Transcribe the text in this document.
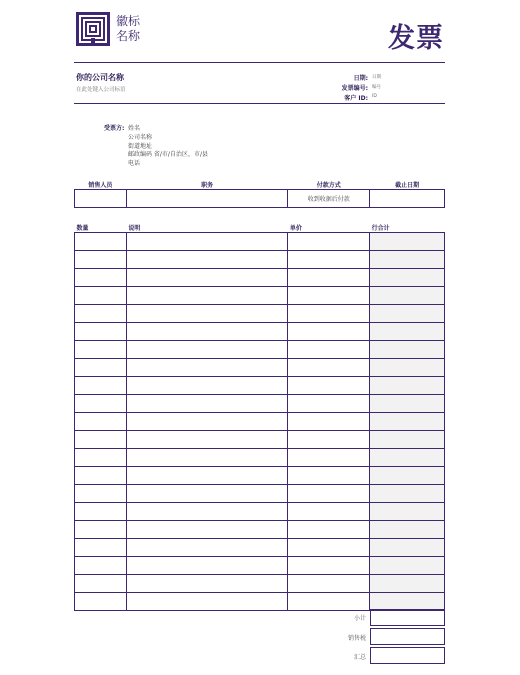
徽标
名称	发票
你的公司名称
在此处键入公司标语
日期: 日期
发票编号: 编号
客户 ID: ID
受票方: 姓名
公司名称
街道地址
邮政编码 省/市/自治区，市/县
电话
销售人员	职务	付款方式	截止日期
		收到收据后付款	
数量	说明	单价	行合计

小计
销售税
汇总
